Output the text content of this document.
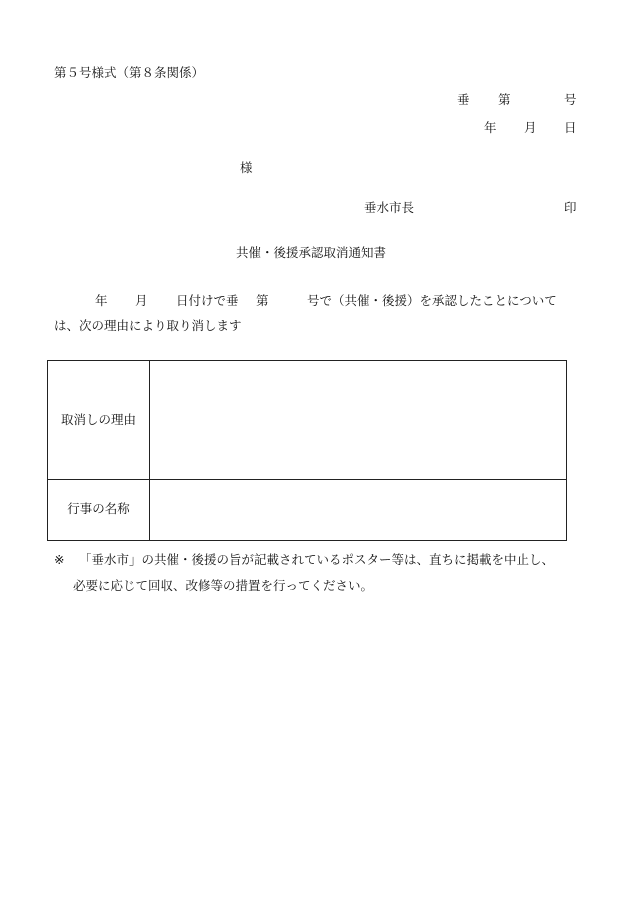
第５号様式（第８条関係）
垂 第	号
年 月 日
様
垂水市長	印
共催・後援承認取消通知書
年 月 日付けで垂 第	号で（共催・後援）を承認したことについて
は、次の理由により取り消します
取消しの理由
行事の名称
※ 「垂水市」の共催・後援の旨が記載されているポスター等は、直ちに掲載を中止し、
必要に応じて回収、改修等の措置を行ってください。
